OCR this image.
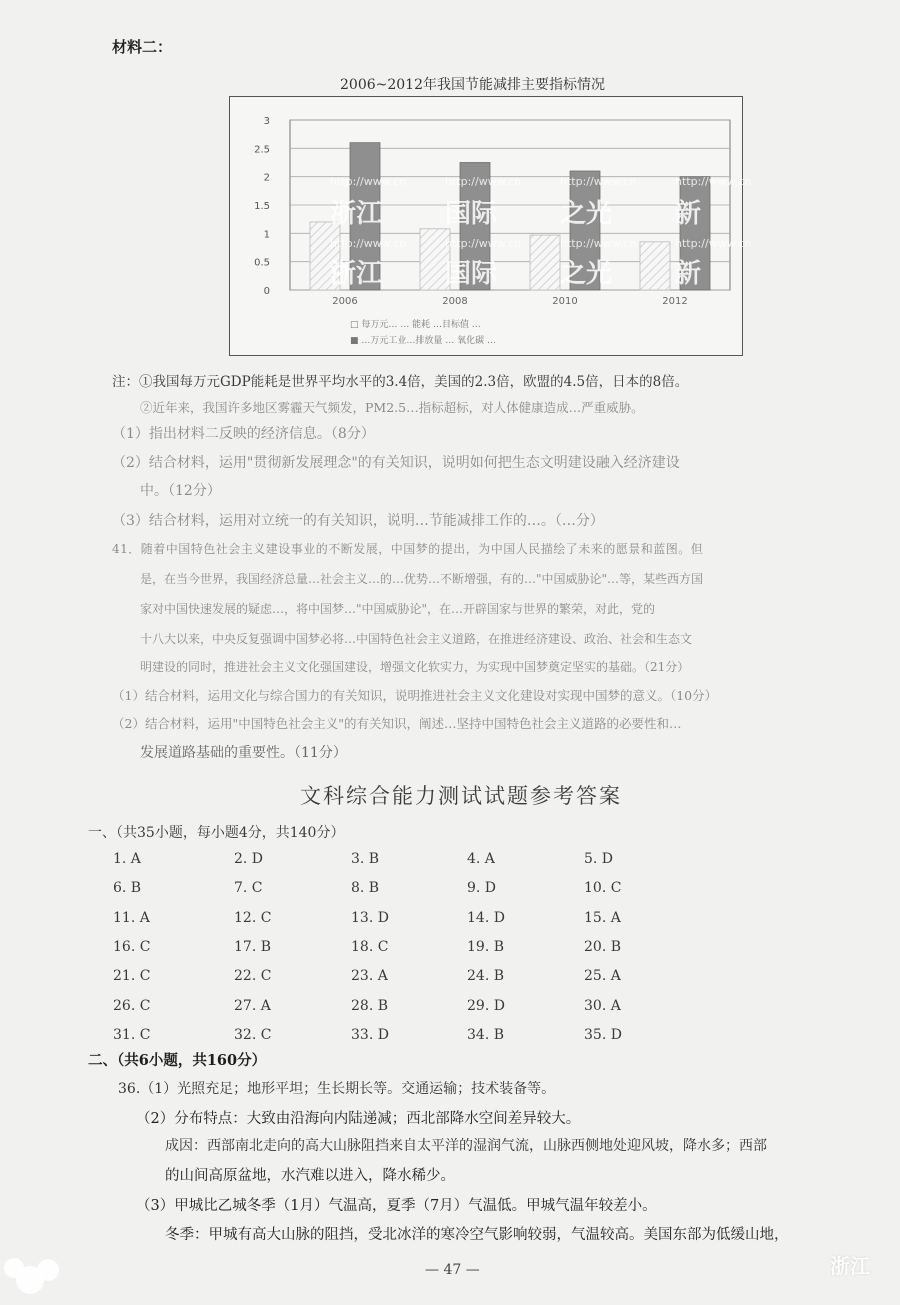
材料二：
2006~2012年我国节能减排主要指标情况
0
0.5
1
1.5
2
2.5
3
2006	2008	2010	2012
浙江 国际 之光 新
浙江 国际 之光 新
http://www.cn	http://www.cn	http://www.cn	http://www.cn
http://www.cn	http://www.cn	http://www.cn	http://www.cn
□ 每万元… … 能耗 …目标值 …
■ …万元工业…排放量 … 氧化碳 …
注：①我国每万元GDP能耗是世界平均水平的3.4倍，美国的2.3倍，欧盟的4.5倍，日本的8倍。
②近年来，我国许多地区雾霾天气频发，PM2.5…指标超标，对人体健康造成…严重威胁。
（1）指出材料二反映的经济信息。（8分）
（2）结合材料，运用"贯彻新发展理念"的有关知识，说明如何把生态文明建设融入经济建设
中。（12分）
（3）结合材料，运用对立统一的有关知识，说明…节能减排工作的…。（…分）
41．随着中国特色社会主义建设事业的不断发展，中国梦的提出，为中国人民描绘了未来的愿景和蓝图。但
是，在当今世界，我国经济总量…社会主义…的…优势…不断增强，有的…"中国威胁论"…等，某些西方国
家对中国快速发展的疑虑…，将中国梦…"中国威胁论"，在…开辟国家与世界的繁荣，对此，党的
十八大以来，中央反复强调中国梦必将…中国特色社会主义道路，在推进经济建设、政治、社会和生态文
明建设的同时，推进社会主义文化强国建设，增强文化软实力，为实现中国梦奠定坚实的基础。（21分）
（1）结合材料，运用文化与综合国力的有关知识，说明推进社会主义文化建设对实现中国梦的意义。（10分）
（2）结合材料，运用"中国特色社会主义"的有关知识，阐述…坚持中国特色社会主义道路的必要性和…
发展道路基础的重要性。（11分）
文科综合能力测试试题参考答案
一、（共35小题，每小题4分，共140分）
1. A	2. D	3. B	4. A	5. D
6. B	7. C	8. B	9. D	10. C
11. A	12. C	13. D	14. D	15. A
16. C	17. B	18. C	19. B	20. B
21. C	22. C	23. A	24. B	25. A
26. C	27. A	28. B	29. D	30. A
31. C	32. C	33. D	34. B	35. D
二、（共6小题，共160分）
36.（1）光照充足；地形平坦；生长期长等。交通运输；技术装备等。
（2）分布特点：大致由沿海向内陆递减；西北部降水空间差异较大。
成因：西部南北走向的高大山脉阻挡来自太平洋的湿润气流，山脉西侧地处迎风坡，降水多；西部
的山间高原盆地，水汽难以进入，降水稀少。
（3）甲城比乙城冬季（1月）气温高，夏季（7月）气温低。甲城气温年较差小。
冬季：甲城有高大山脉的阻挡，受北冰洋的寒冷空气影响较弱，气温较高。美国东部为低缓山地，
— 47 —	浙江
